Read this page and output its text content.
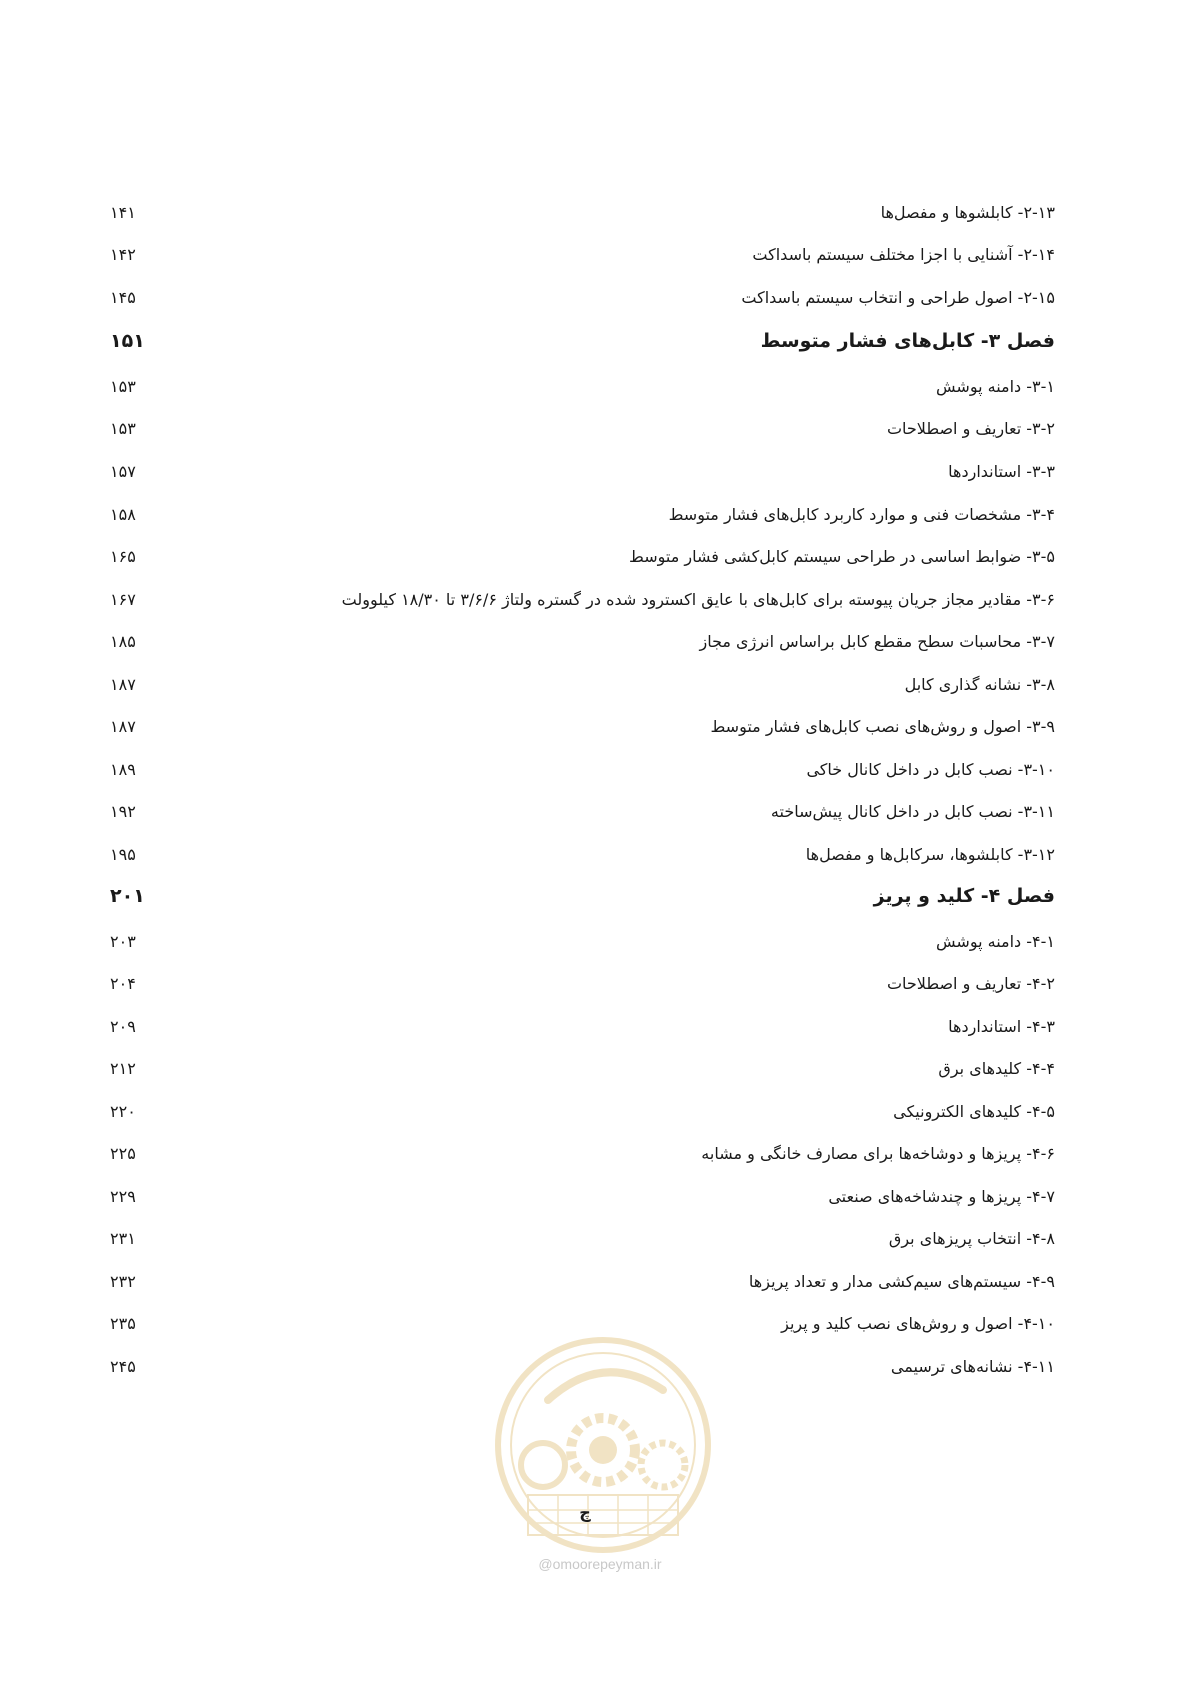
۲-۱۳- کابلشوها و مفصل‌ها
۱۴۱
۲-۱۴- آشنایی با اجزا مختلف سیستم باسداکت
۱۴۲
۲-۱۵- اصول طراحی و انتخاب سیستم باسداکت
۱۴۵
فصل ۳- کابل‌های فشار متوسط
۱۵۱
۳-۱- دامنه پوشش
۱۵۳
۳-۲- تعاریف و اصطلاحات
۱۵۳
۳-۳- استانداردها
۱۵۷
۳-۴- مشخصات فنی و موارد کاربرد کابل‌های فشار متوسط
۱۵۸
۳-۵- ضوابط اساسی در طراحی سیستم کابل‌کشی فشار متوسط
۱۶۵
۳-۶- مقادیر مجاز جریان پیوسته برای کابل‌های با عایق اکسترود شده در گستره ولتاژ ۳/۶/۶ تا ۱۸/۳۰ کیلوولت
۱۶۷
۳-۷- محاسبات سطح مقطع کابل براساس انرژی مجاز
۱۸۵
۳-۸- نشانه گذاری کابل
۱۸۷
۳-۹- اصول و روش‌های نصب کابل‌های فشار متوسط
۱۸۷
۳-۱۰- نصب کابل در داخل کانال خاکی
۱۸۹
۳-۱۱- نصب کابل در داخل کانال پیش‌ساخته
۱۹۲
۳-۱۲- کابلشوها، سرکابل‌ها و مفصل‌ها
۱۹۵
فصل ۴- کلید و پریز
۲۰۱
۴-۱- دامنه پوشش
۲۰۳
۴-۲- تعاریف و اصطلاحات
۲۰۴
۴-۳- استانداردها
۲۰۹
۴-۴- کلیدهای برق
۲۱۲
۴-۵- کلیدهای الکترونیکی
۲۲۰
۴-۶- پریزها و دوشاخه‌ها برای مصارف خانگی و مشابه
۲۲۵
۴-۷- پریزها و چندشاخه‌های صنعتی
۲۲۹
۴-۸- انتخاب پریزهای برق
۲۳۱
۴-۹- سیستم‌های سیم‌کشی مدار و تعداد پریزها
۲۳۲
۴-۱۰- اصول و روش‌های نصب کلید و پریز
۲۳۵
۴-۱۱- نشانه‌های ترسیمی
۲۴۵
چ
@omoorepeyman.ir
